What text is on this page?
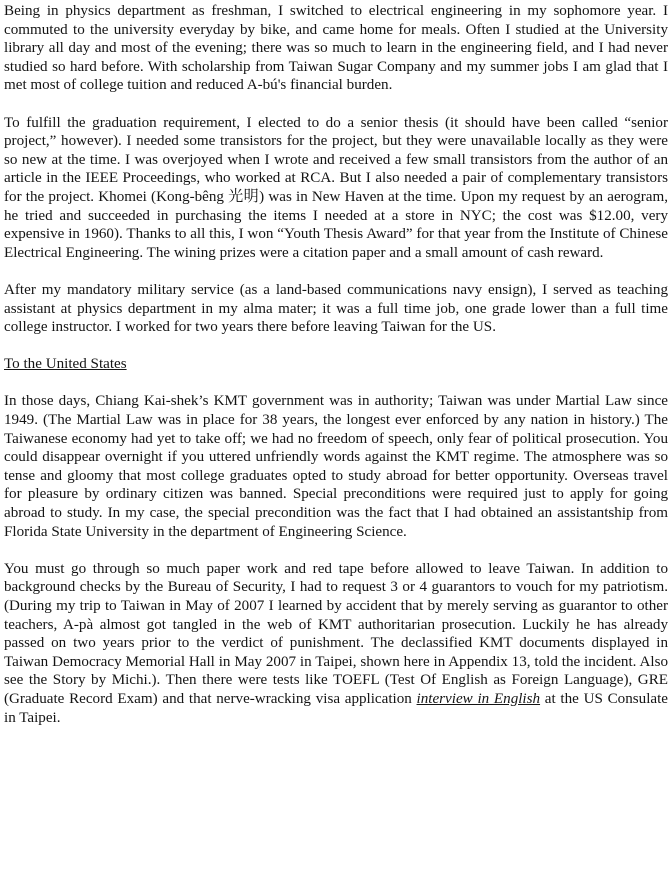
Being in physics department as freshman, I switched to electrical engineering in my sophomore year. I commuted to the university everyday by bike, and came home for meals. Often I studied at the University library all day and most of the evening; there was so much to learn in the engineering field, and I had never studied so hard before. With scholarship from Taiwan Sugar Company and my summer jobs I am glad that I met most of college tuition and reduced A-bú's financial burden.

To fulfill the graduation requirement, I elected to do a senior thesis (it should have been called “senior project,” however). I needed some transistors for the project, but they were unavailable locally as they were so new at the time. I was overjoyed when I wrote and received a few small transistors from the author of an article in the IEEE Proceedings, who worked at RCA. But I also needed a pair of complementary transistors for the project. Khomei (Kong-bêng 光明) was in New Haven at the time. Upon my request by an aerogram, he tried and succeeded in purchasing the items I needed at a store in NYC; the cost was $12.00, very expensive in 1960). Thanks to all this, I won “Youth Thesis Award” for that year from the Institute of Chinese Electrical Engineering. The wining prizes were a citation paper and a small amount of cash reward.

After my mandatory military service (as a land-based communications navy ensign), I served as teaching assistant at physics department in my alma mater; it was a full time job, one grade lower than a full time college instructor. I worked for two years there before leaving Taiwan for the US.

To the United States

In those days, Chiang Kai-shek’s KMT government was in authority; Taiwan was under Martial Law since 1949. (The Martial Law was in place for 38 years, the longest ever enforced by any nation in history.) The Taiwanese economy had yet to take off; we had no freedom of speech, only fear of political prosecution. You could disappear overnight if you uttered unfriendly words against the KMT regime. The atmosphere was so tense and gloomy that most college graduates opted to study abroad for better opportunity. Overseas travel for pleasure by ordinary citizen was banned. Special preconditions were required just to apply for going abroad to study. In my case, the special precondition was the fact that I had obtained an assistantship from Florida State University in the department of Engineering Science.

You must go through so much paper work and red tape before allowed to leave Taiwan. In addition to background checks by the Bureau of Security, I had to request 3 or 4 guarantors to vouch for my patriotism. (During my trip to Taiwan in May of 2007 I learned by accident that by merely serving as guarantor to other teachers, A-pà almost got tangled in the web of KMT authoritarian prosecution. Luckily he has already passed on two years prior to the verdict of punishment. The declassified KMT documents displayed in Taiwan Democracy Memorial Hall in May 2007 in Taipei, shown here in Appendix 13, told the incident. Also see the Story by Michi.). Then there were tests like TOEFL (Test Of English as Foreign Language), GRE (Graduate Record Exam) and that nerve-wracking visa application interview in English at the US Consulate in Taipei.
